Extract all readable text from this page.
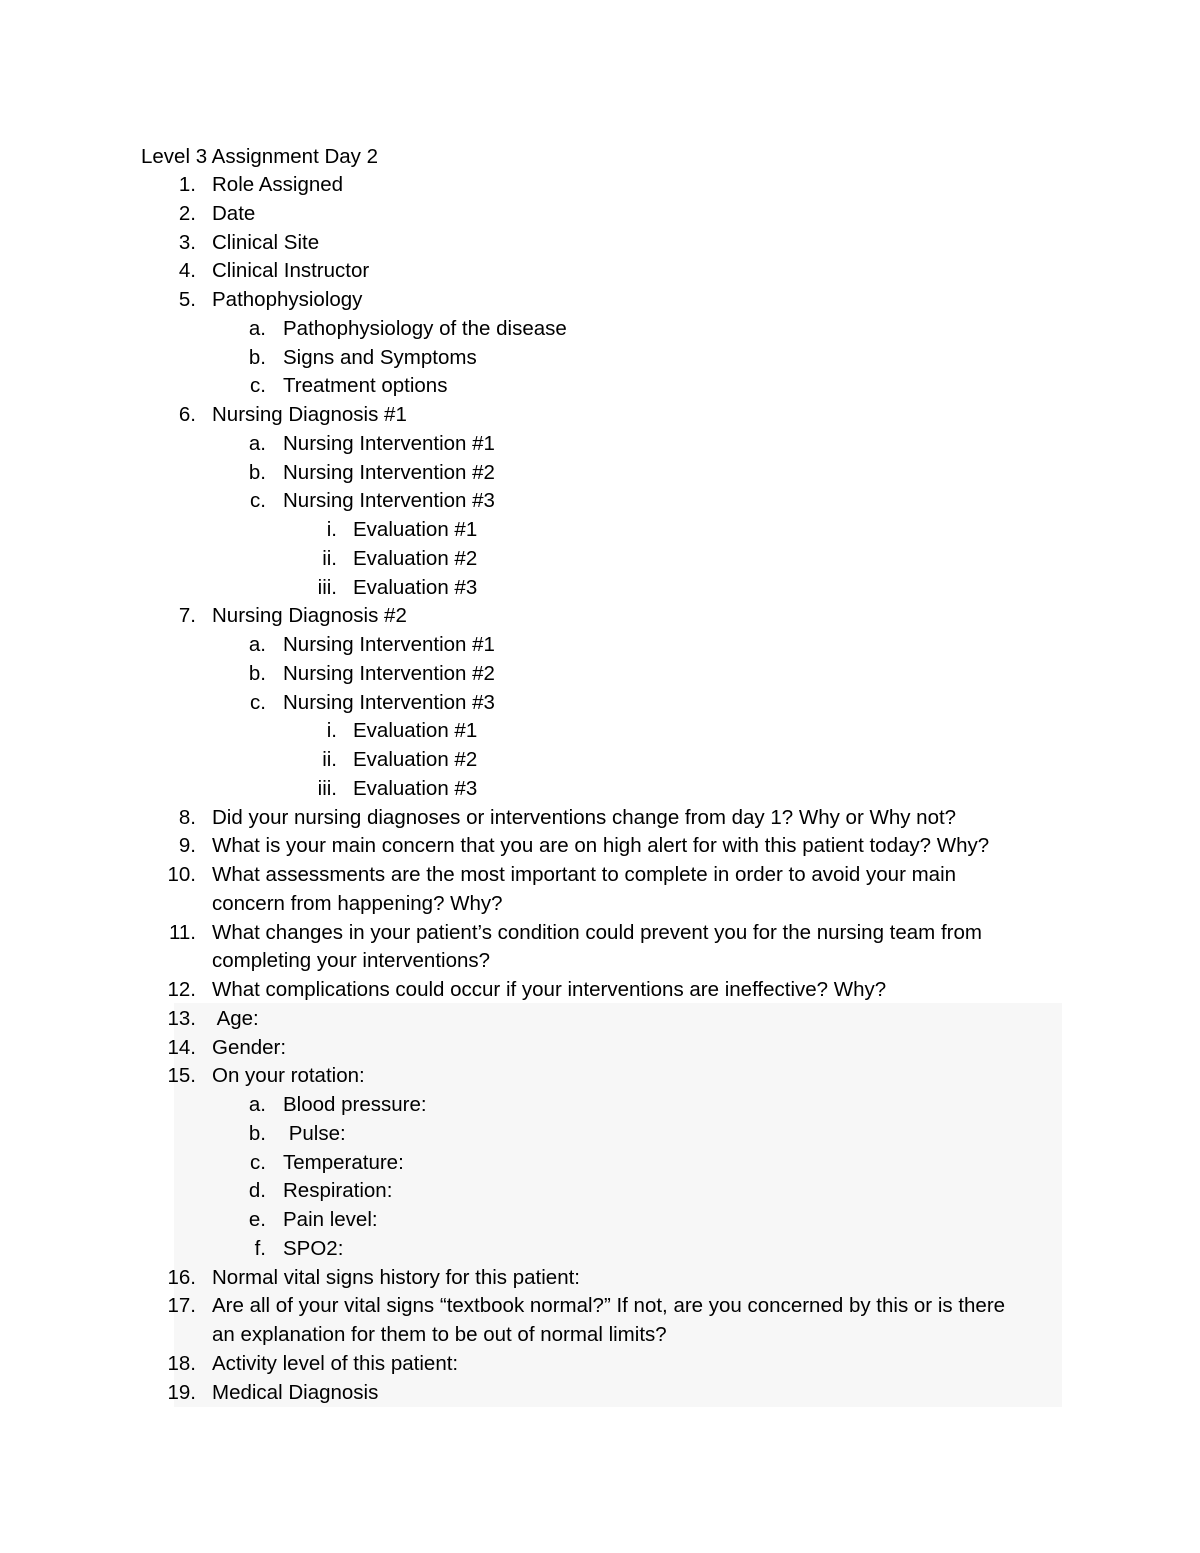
Level 3 Assignment Day 2
1. Role Assigned
2. Date
3. Clinical Site
4. Clinical Instructor
5. Pathophysiology
a. Pathophysiology of the disease
b. Signs and Symptoms
c. Treatment options
6. Nursing Diagnosis #1
a. Nursing Intervention #1
b. Nursing Intervention #2
c. Nursing Intervention #3
i. Evaluation #1
ii. Evaluation #2
iii. Evaluation #3
7. Nursing Diagnosis #2
a. Nursing Intervention #1
b. Nursing Intervention #2
c. Nursing Intervention #3
i. Evaluation #1
ii. Evaluation #2
iii. Evaluation #3
8. Did your nursing diagnoses or interventions change from day 1? Why or Why not?
9. What is your main concern that you are on high alert for with this patient today? Why?
10. What assessments are the most important to complete in order to avoid your main
concern from happening? Why?
11. What changes in your patient’s condition could prevent you for the nursing team from
completing your interventions?
12. What complications could occur if your interventions are ineffective? Why?
13. Age:
14. Gender:
15. On your rotation:
a. Blood pressure:
b. Pulse:
c. Temperature:
d. Respiration:
e. Pain level:
f. SPO2:
16. Normal vital signs history for this patient:
17. Are all of your vital signs “textbook normal?” If not, are you concerned by this or is there
an explanation for them to be out of normal limits?
18. Activity level of this patient:
19. Medical Diagnosis
